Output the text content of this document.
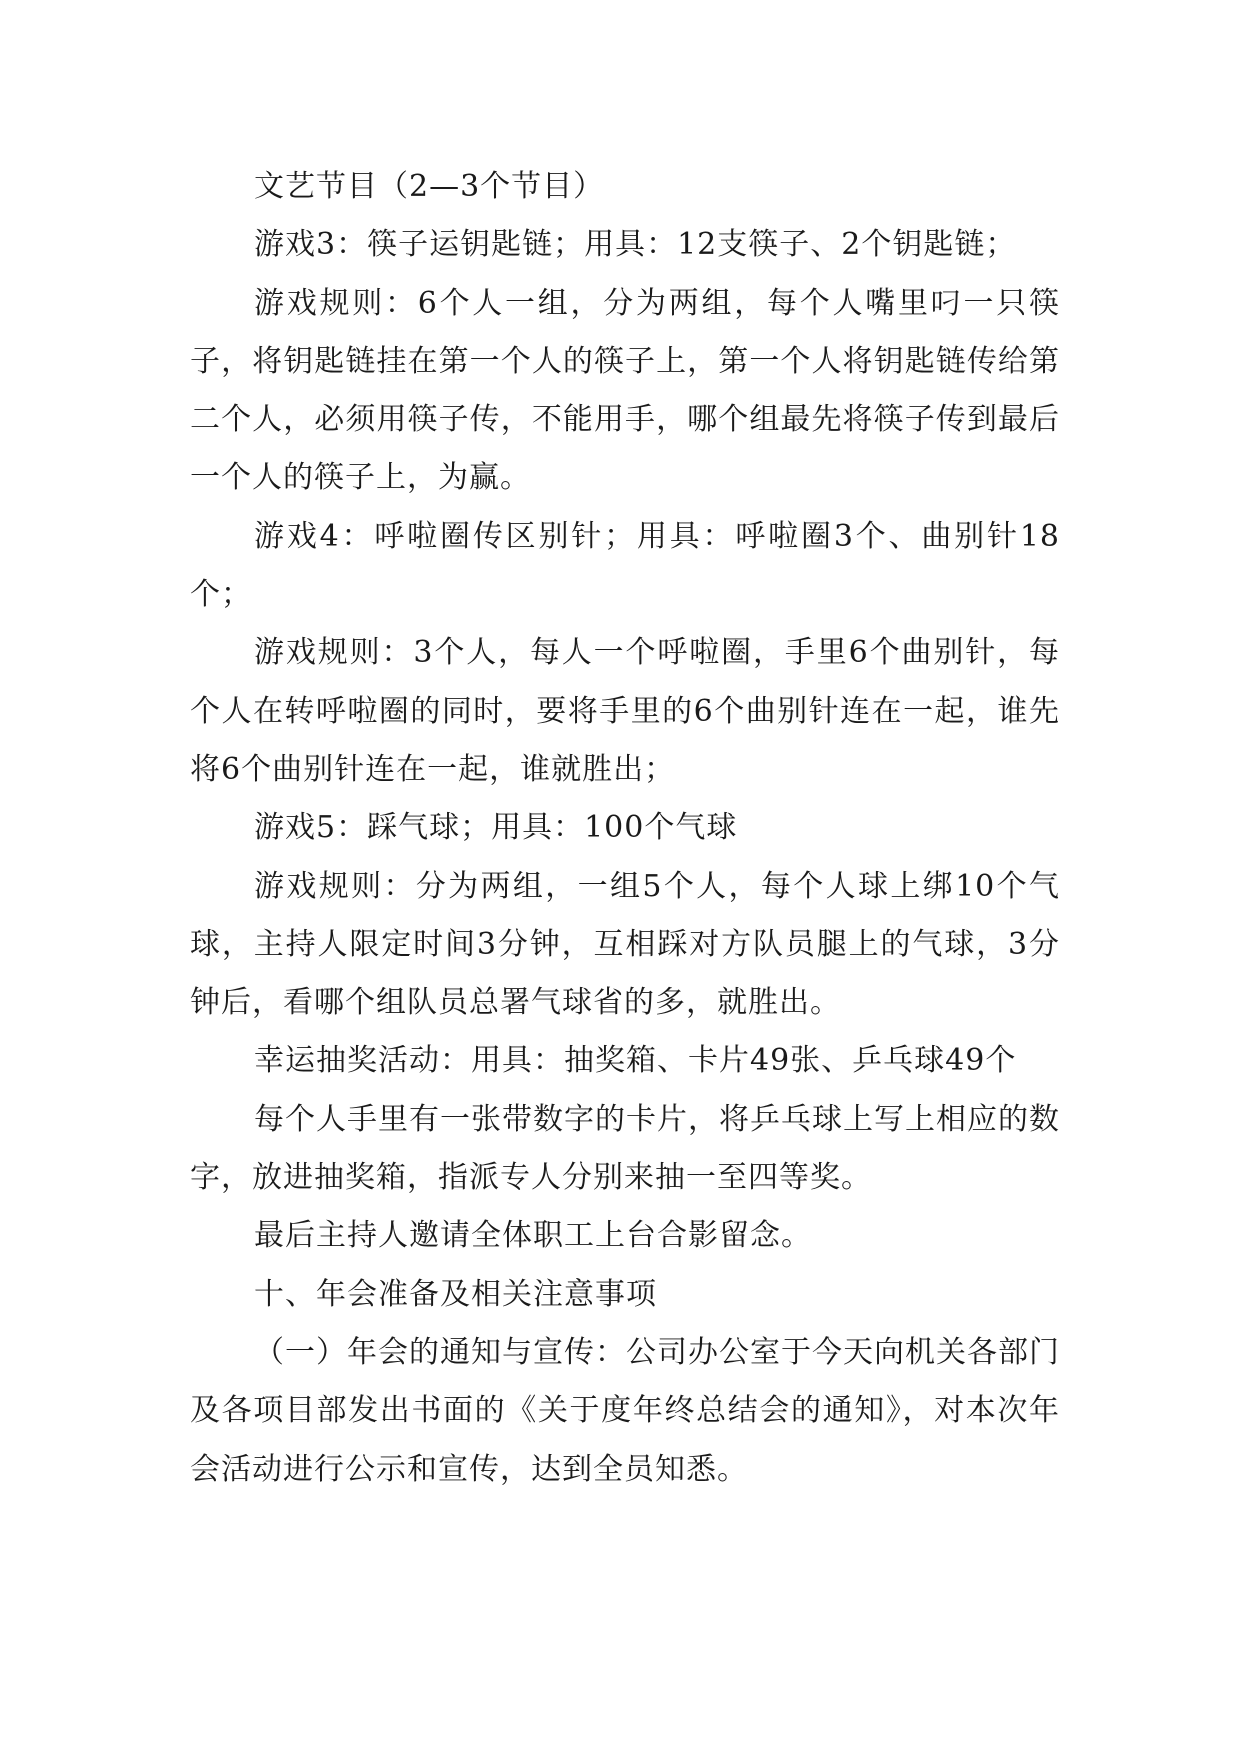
文艺节目（2—3个节目）

游戏3：筷子运钥匙链；用具：12支筷子、2个钥匙链；

游戏规则：6个人一组，分为两组，每个人嘴里叼一只筷子，将钥匙链挂在第一个人的筷子上，第一个人将钥匙链传给第二个人，必须用筷子传，不能用手，哪个组最先将筷子传到最后一个人的筷子上，为赢。

游戏4：呼啦圈传区别针；用具：呼啦圈3个、曲别针18个；

游戏规则：3个人，每人一个呼啦圈，手里6个曲别针，每个人在转呼啦圈的同时，要将手里的6个曲别针连在一起，谁先将6个曲别针连在一起，谁就胜出；

游戏5：踩气球；用具：100个气球

游戏规则：分为两组，一组5个人，每个人球上绑10个气球，主持人限定时间3分钟，互相踩对方队员腿上的气球，3分钟后，看哪个组队员总署气球省的多，就胜出。

幸运抽奖活动：用具：抽奖箱、卡片49张、乒乓球49个

每个人手里有一张带数字的卡片，将乒乓球上写上相应的数字，放进抽奖箱，指派专人分别来抽一至四等奖。

最后主持人邀请全体职工上台合影留念。

十、年会准备及相关注意事项

（一）年会的通知与宣传：公司办公室于今天向机关各部门及各项目部发出书面的《关于度年终总结会的通知》，对本次年会活动进行公示和宣传，达到全员知悉。
